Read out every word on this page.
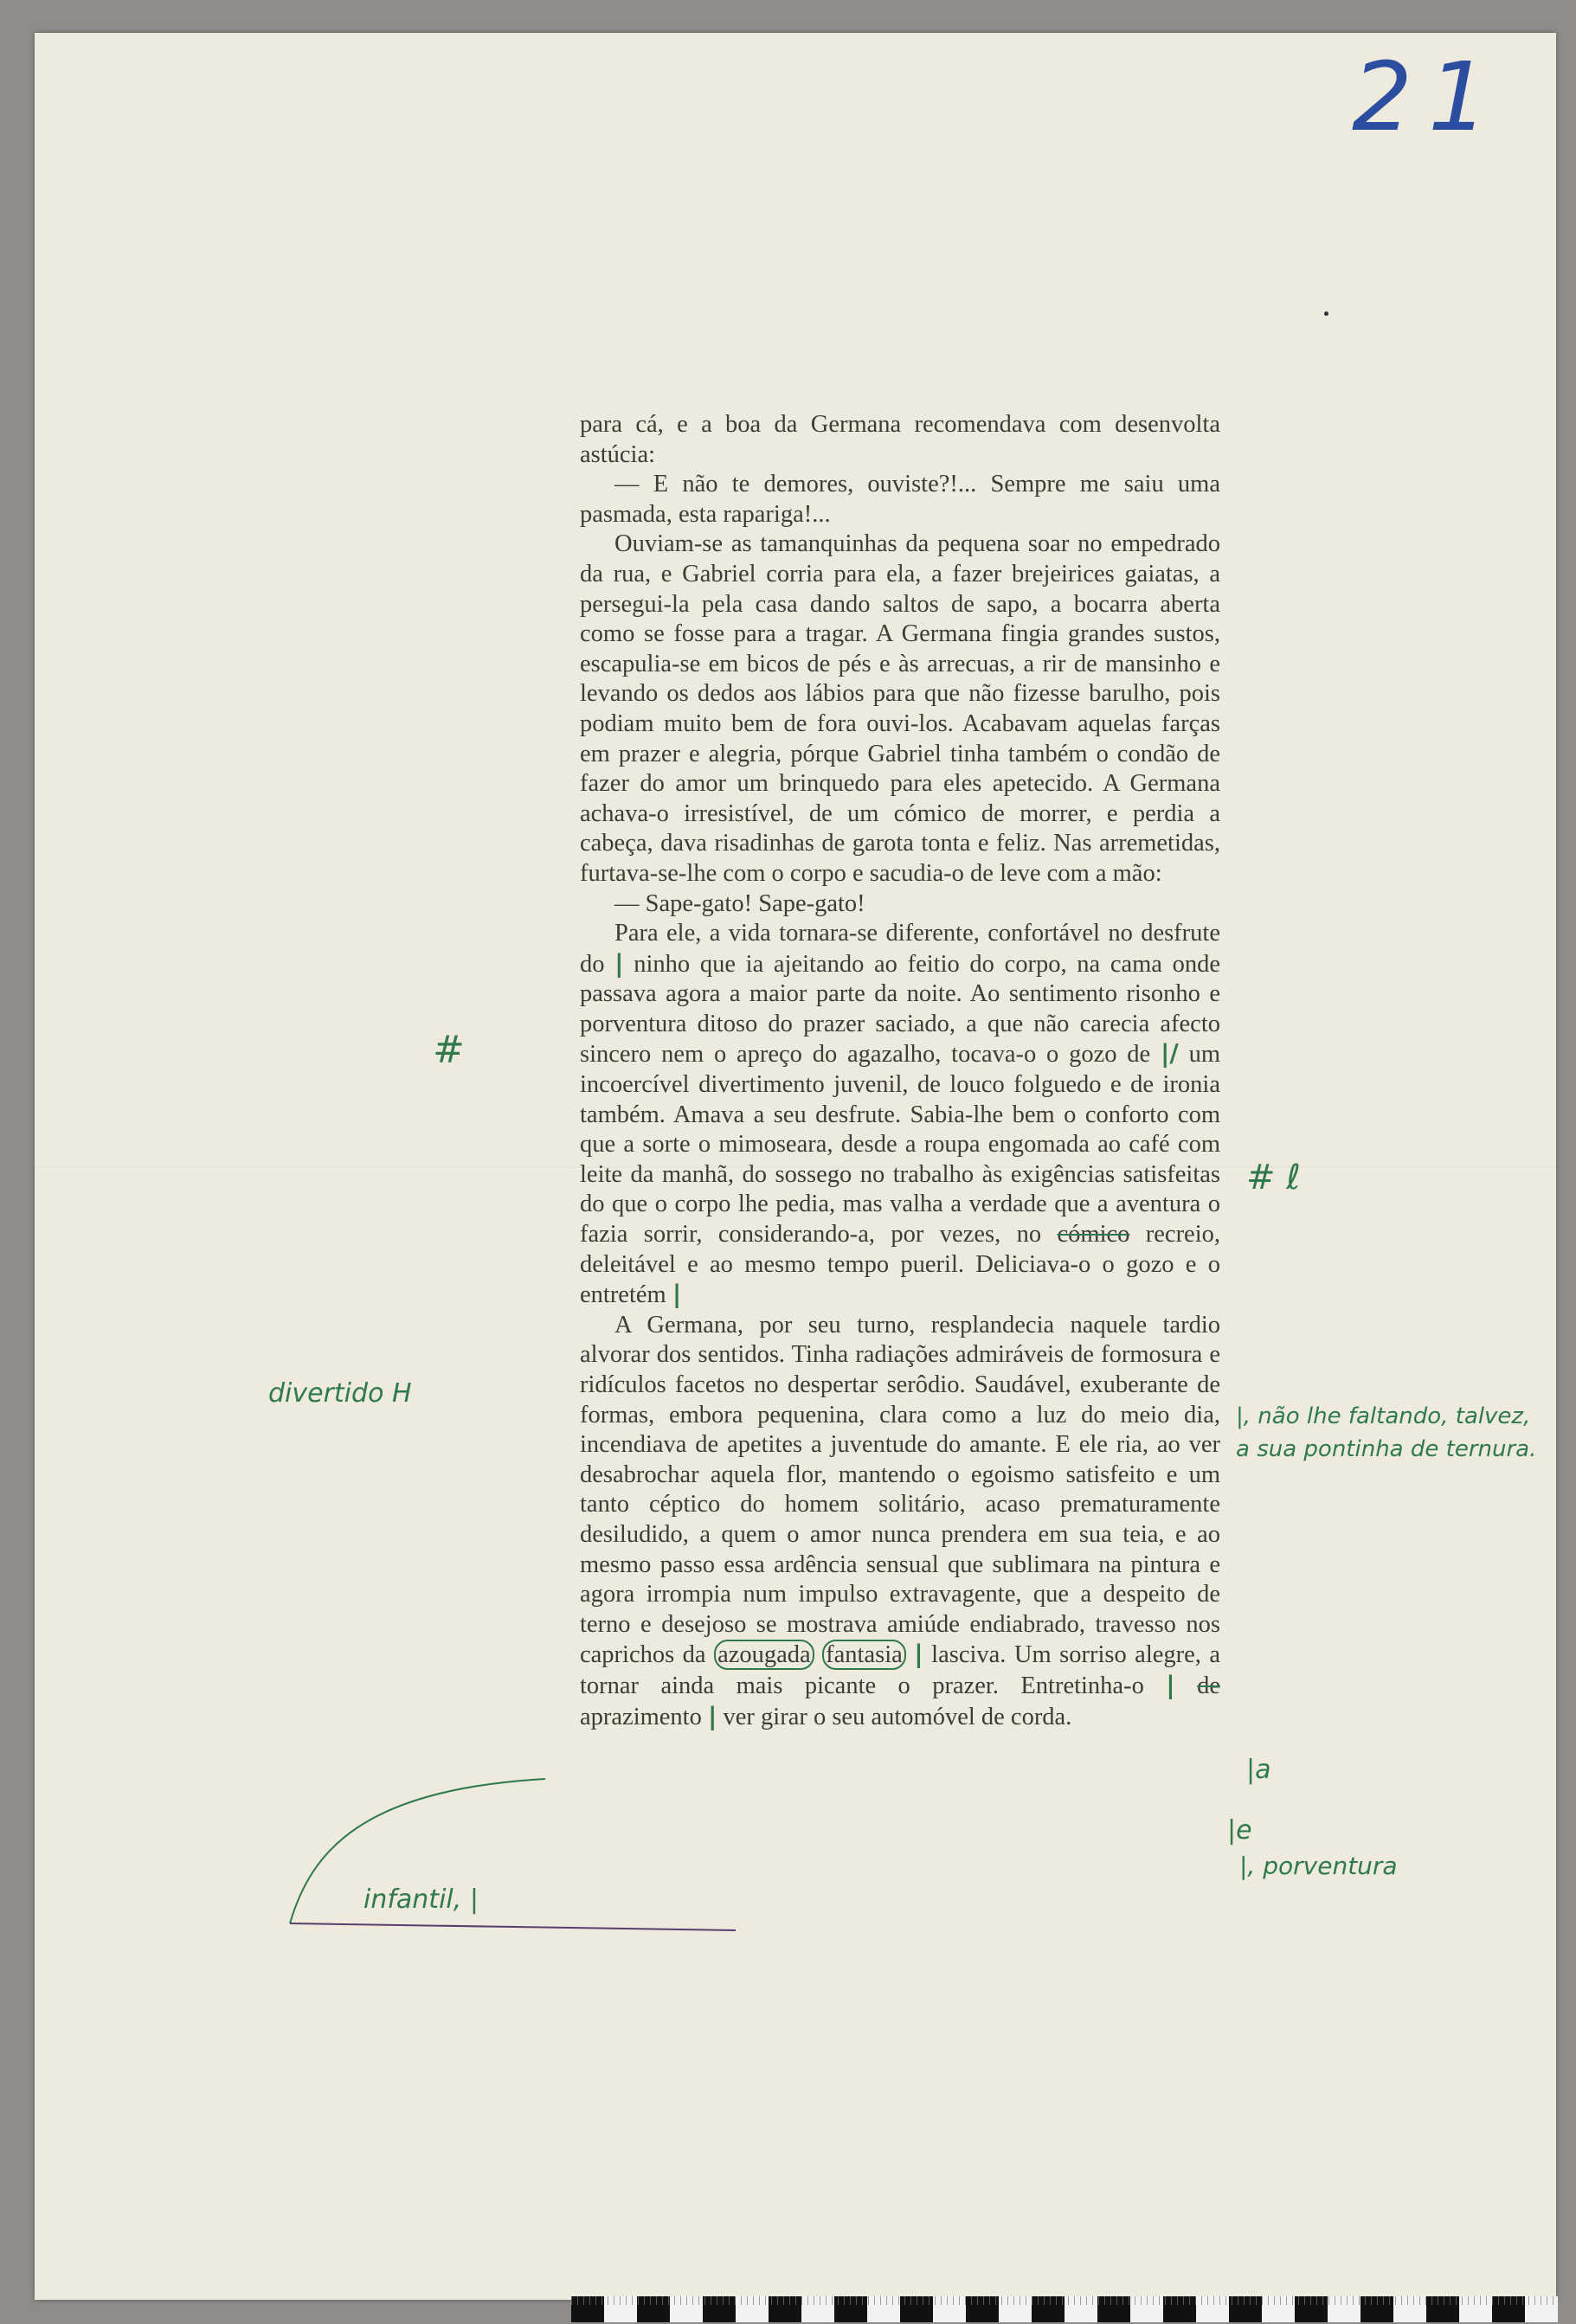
21

para cá, e a boa da Germana recomendava com desenvolta astúcia:

— E não te demores, ouviste?!... Sempre me saiu uma pasmada, esta rapariga!...

Ouviam-se as tamanquinhas da pequena soar no empedrado da rua, e Gabriel corria para ela, a fazer brejeirices gaiatas, a persegui-la pela casa dando saltos de sapo, a bocarra aberta como se fosse para a tragar. A Germana fingia grandes sustos, escapulia-se em bicos de pés e às arrecuas, a rir de mansinho e levando os dedos aos lábios para que não fizesse barulho, pois podiam muito bem de fora ouvi-los. Acabavam aquelas farças em prazer e alegria, pórque Gabriel tinha também o condão de fazer do amor um brinquedo para eles apetecido. A Germana achava-o irresistível, de um cómico de morrer, e perdia a cabeça, dava risadinhas de garota tonta e feliz. Nas arremetidas, furtava-se-lhe com o corpo e sacudia-o de leve com a mão:

— Sape-gato! Sape-gato!

Para ele, a vida tornara-se diferente, confortável no desfrute do | ninho que ia ajeitando ao feitio do corpo, na cama onde passava agora a maior parte da noite. Ao sentimento risonho e porventura ditoso do prazer saciado, a que não carecia afecto sincero nem o apreço do agazalho, tocava-o o gozo de |/ um incoercível divertimento juvenil, de louco folguedo e de ironia também. Amava a seu desfrute. Sabia-lhe bem o conforto com que a sorte o mimoseara, desde a roupa engomada ao café com leite da manhã, do sossego no trabalho às exigências satisfeitas do que o corpo lhe pedia, mas valha a verdade que a aventura o fazia sorrir, considerando-a, por vezes, no cómico recreio, deleitável e ao mesmo tempo pueril. Deliciava-o o gozo e o entretém |

A Germana, por seu turno, resplandecia naquele tardio alvorar dos sentidos. Tinha radiações admiráveis de formosura e ridículos facetos no despertar serôdio. Saudável, exuberante de formas, embora pequenina, clara como a luz do meio dia, incendiava de apetites a juventude do amante. E ele ria, ao ver desabrochar aquela flor, mantendo o egoismo satisfeito e um tanto céptico do homem solitário, acaso prematuramente desiludido, a quem o amor nunca prendera em sua teia, e ao mesmo passo essa ardência sensual que sublimara na pintura e agora irrompia num impulso extravagente, que a despeito de terno e desejoso se mostrava amiúde endiabrado, travesso nos caprichos da azougada fantasia | lasciva. Um sorriso alegre, a tornar ainda mais picante o prazer. Entretinha-o | de aprazimento | ver girar o seu automóvel de corda.

#
# ℓ
divertido H
|, não lhe faltando, talvez, a sua pontinha de ternura.
|a
|e
|, porventura
infantil, |
